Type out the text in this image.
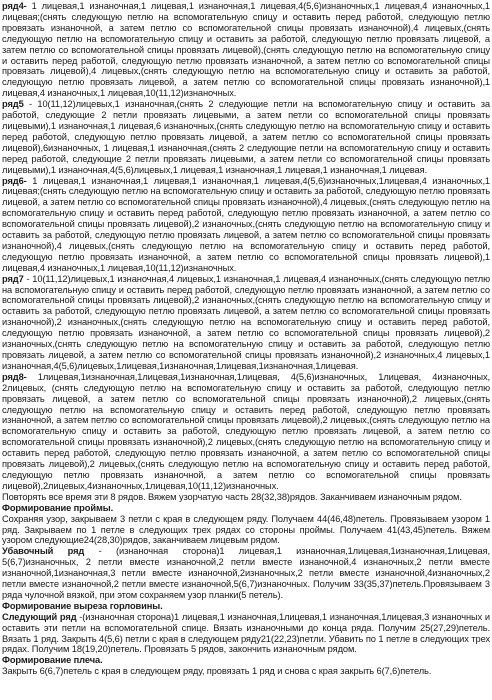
ряд4- 1 лицевая,1 изнаночная,1 лицевая,1 изнаночная,1 лицевая,4(5,6)изнаночных,1 лицевая,4 изнаночных,1 лицевая;(снять следующую петлю на вспомогательную спицу и оставить перед работой, следующую петлю провязать изнаночной, а затем петлю со вспомогательной спицы провязать изнаночной),4 лицевых,(снять следующую петлю на вспомогательную спицу и оставить за работой, следующую петлю провязать лицевой, а затем петлю со вспомогательной спицы провязать лицевой),(снять следующую петлю на вспомогательную спицу и оставить перед работой, следующую петлю провязать изнаночной, а затем петлю со вспомогательной спицы провязать лицевой),4 лицевых,(снять следующую петлю на вспомогательную спицу и оставить за работой, следующую петлю провязать лицевой, а затем петлю со вспомогательной спицы провязать изнаночной),1 лицевая,4 изнаночных,1 лицевая,10(11,12)изнаночных.

ряд5 - 10(11,12)лицевых,1 изнаночная,(снять 2 следующие петли на вспомогательную спицу и оставить за работой, следующие 2 петли провязать лицевыми, а затем петли со вспомогательной спицы провязать лицевыми),1 изнаночная,1 лицевая,6 изнаночных,(снять следующую петлю на вспомогательную спицу и оставить перед работой, следующую петлю провязать лицевой, а затем петлю со вспомогательной спицы провязать лицевой),6изнаночных, 1 лицевая,1 изнаночная,(снять 2 следующие петли на вспомогательную спицу и оставить перед работой, следующие 2 петли провязать лицевыми, а затем петли со вспомогательной спицы провязать лицевыми),1 изнаночная,4(5,6)лицевых,1 лицевая,1 изнаночная,1 лицевая,1 изнаночная,1 лицевая.

ряд6- 1 лицевая,1 изнаночная,1 лицевая,1 изнаночная,1 лицевая,4(5,6)изнаночных,1лицевая,4 изнаночных,1 лицевая;(снять следующую петлю на вспомогательную спицу и оставить за работой, следующую петлю провязать лицевой, а затем петлю со вспомогательной спицы провязать изнаночной),4 лицевых,(снять следующую петлю на вспомогательную спицу и оставить перед работой, следующую петлю провязать изнаночной, а затем петлю со вспомогательной спицы провязать лицевой),2 изнаночных,(снять следующую петлю на вспомогательную спицу и оставить за работой, следующую петлю провязать лицевой, а затем петлю со вспомогательной спицы провязать изнаночной),4 лицевых,(снять следующую петлю на вспомогательную спицу и оставить перед работой, следующую петлю провязать изнаночной, а затем петлю со вспомогательной спицы провязать лицевой),1 лицевая,4 изнаночных,1 лицевая,10(11,12)изнаночных.

ряд7 - 10(11,12)лицевых,1 изнаночная,4 лицевых,1 изнаночная,1 лицевая,4 изнаночных,(снять следующую петлю на вспомогательную спицу и оставить перед работой, следующую петлю провязать изнаночной, а затем петлю со вспомогательной спицы провязать лицевой),2 изнаночных,(снять следующую петлю на вспомогательную спицу и оставить за работой, следующую петлю провязать лицевой, а затем петлю со вспомогательной спицы провязать изнаночной),2 изнаночных,(снять следующую петлю на вспомогательную спицу и оставить перед работой, следующую петлю провязать изнаночной, а затем петлю со вспомогательной спицы провязать лицевой),2 изнаночных,(снять следующую петлю на вспомогательную спицу и оставить за работой, следующую петлю провязать лицевой, а затем петлю со вспомогательной спицы провязать изнаночной),2 изнаночных,4 лицевых,1 изнаночная,4(5,6)лицевых,1лицевая,1изнаночная,1лицевая,1изнаночная,1лицевая.

ряд8- 1лицевая,1изнаночная,1лицевая,1изнаночная,1лицевая, 4(5,6)изнаночных, 1лицевая, 4изнаночных, 2лицевых, (снять следующую петлю на вспомогательную спицу и оставить за работой, следующую петлю провязать лицевой, а затем петлю со вспомогательной спицы провязать изнаночной),2 лицевых,(снять следующую петлю на вспомогательную спицу и оставить перед работой, следующую петлю провязать изнаночной, а затем петлю со вспомогательной спицы провязать лицевой),2 лицевых,(снять следующую петлю на вспомогательную спицу и оставить за работой, следующую петлю провязать лицевой, а затем петлю со вспомогательной спицы провязать изнаночной),2 лицевых,(снять следующую петлю на вспомогательную спицу и оставить перед работой, следующую петлю провязать изнаночной, а затем петлю со вспомогательной спицы провязать лицевой),2 лицевых,(снять следующую петлю на вспомогательную спицу и оставить перед работой, следующую петлю провязать изнаночной, а затем петлю со вспомогательной спицы провязать лицевой),2лицевых,4изнаночных,1лицевая,10(11,12)изнаночных.

Повторять все время эти 8 рядов. Вяжем узорчатую часть 28(32,38)рядов. Заканчиваем изнаночным рядом.

Формирование проймы.

Сохраняя узор, закрываем 3 петли с края в следующем ряду. Получаем 44(46,48)петель. Провязываем узором 1 ряд. Закрываем по 1 петле в следующих трех рядах со стороны проймы. Получаем 41(43,45)петель. Вяжем узором следующие24(28,30)рядов, заканчиваем лицевым рядом.

Убавочный ряд - (изнаночная сторона)1 лицевая,1 изнаночная,1лицевая,1изнаночная,1лицевая, 5(6,7)изнаночных, 2 петли вместе изнаночной,2 петли вместе изнаночной,4 изнаночных,2 петли вместе изнаночной,1изнаночная,3 петли вместе изнаночной,2изнаночных,2 петли вместе изнаночной,4изнаночных,2 петли вместе изнаночной,2 петли вместе изнаночной,5(6,7)изнаночных. Получим 33(35,37)петель.Провязываем 3 ряда чулочной вязкой, при этом сохраняем узор планки(5 петель).

Формирование выреза горловины.

Следующий ряд -(изнаночная сторона)1 лицевая,1 изнаночная,1лицевая,1 изнаночная,1лицевая,3 изнаночных и оставить эти петли на вспомогательной спице. Вязать изнаночными до конца ряда. Получим 25(27,29)петель. Вязать 1 ряд. Закрыть 4(5,6) петли с края в следующем ряду21(22,23)петли. Убавить по 1 петле в следующих трех рядах. Получим 18(19,20)петель. Провязать 5 рядов, закончить изнаночным рядом.

Формирование плеча.

Закрыть 6(6,7)петель с края в следующем ряду, провязать 1 ряд и снова с края закрыть 6(7,6)петель.
